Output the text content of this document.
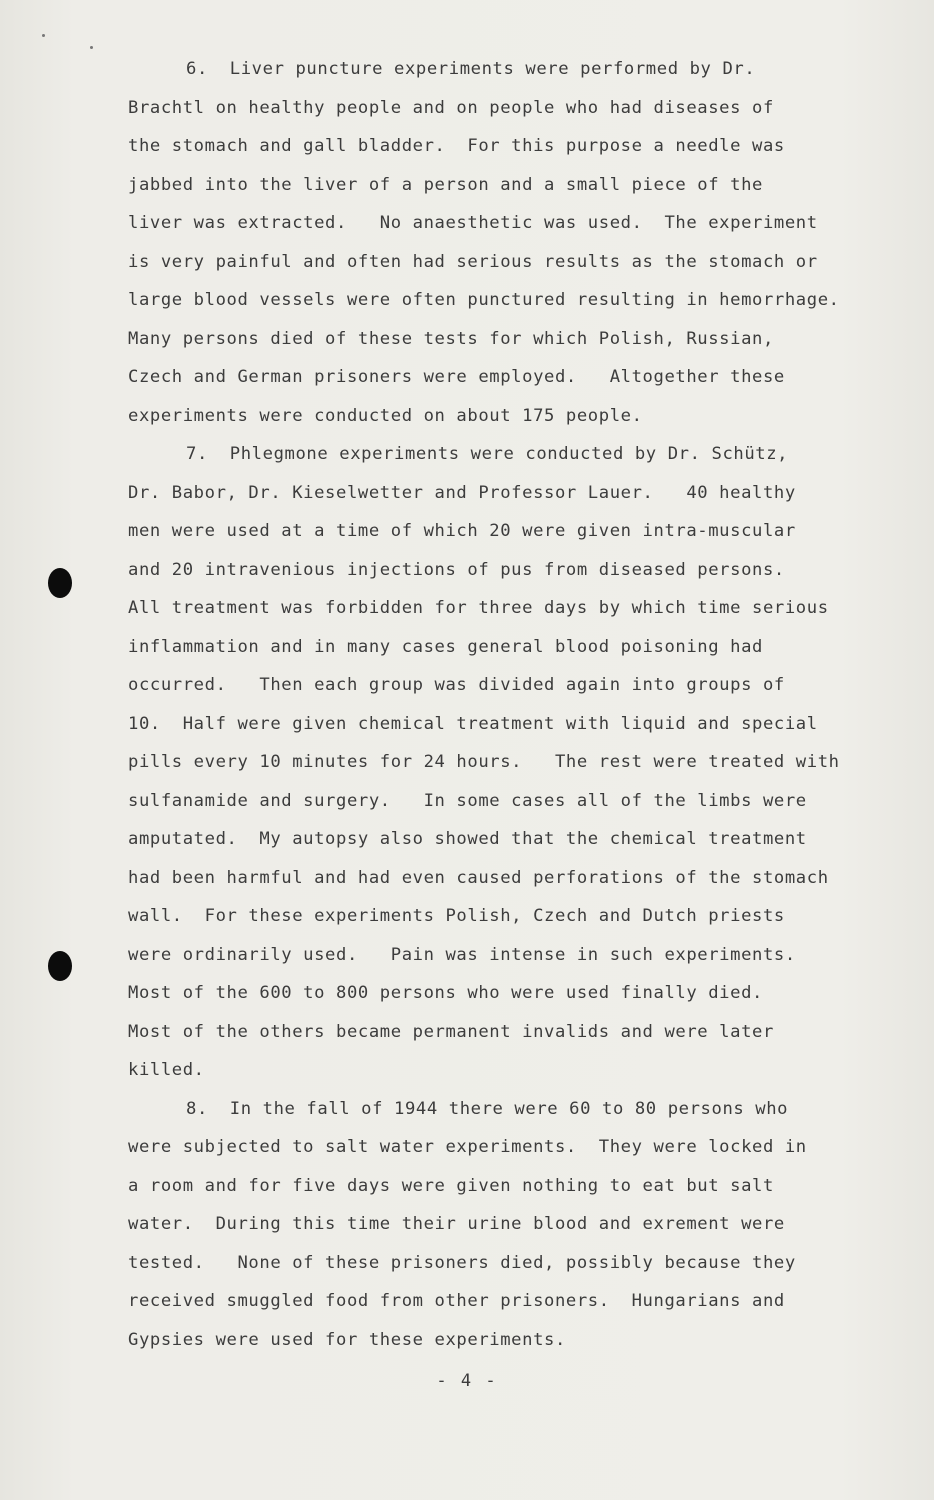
6.  Liver puncture experiments were performed by Dr.
Brachtl on healthy people and on people who had diseases of
the stomach and gall bladder.  For this purpose a needle was
jabbed into the liver of a person and a small piece of the
liver was extracted.   No anaesthetic was used.  The experiment
is very painful and often had serious results as the stomach or
large blood vessels were often punctured resulting in hemorrhage.
Many persons died of these tests for which Polish, Russian,
Czech and German prisoners were employed.   Altogether these
experiments were conducted on about 175 people.
7.  Phlegmone experiments were conducted by Dr. Schütz,
Dr. Babor, Dr. Kieselwetter and Professor Lauer.   40 healthy
men were used at a time of which 20 were given intra-muscular
and 20 intravenious injections of pus from diseased persons.
All treatment was forbidden for three days by which time serious
inflammation and in many cases general blood poisoning had
occurred.   Then each group was divided again into groups of
10.  Half were given chemical treatment with liquid and special
pills every 10 minutes for 24 hours.   The rest were treated with
sulfanamide and surgery.   In some cases all of the limbs were
amputated.  My autopsy also showed that the chemical treatment
had been harmful and had even caused perforations of the stomach
wall.  For these experiments Polish, Czech and Dutch priests
were ordinarily used.   Pain was intense in such experiments.
Most of the 600 to 800 persons who were used finally died.
Most of the others became permanent invalids and were later
killed.
8.  In the fall of 1944 there were 60 to 80 persons who
were subjected to salt water experiments.  They were locked in
a room and for five days were given nothing to eat but salt
water.  During this time their urine blood and exrement were
tested.   None of these prisoners died, possibly because they
received smuggled food from other prisoners.  Hungarians and
Gypsies were used for these experiments.
- 4 -
